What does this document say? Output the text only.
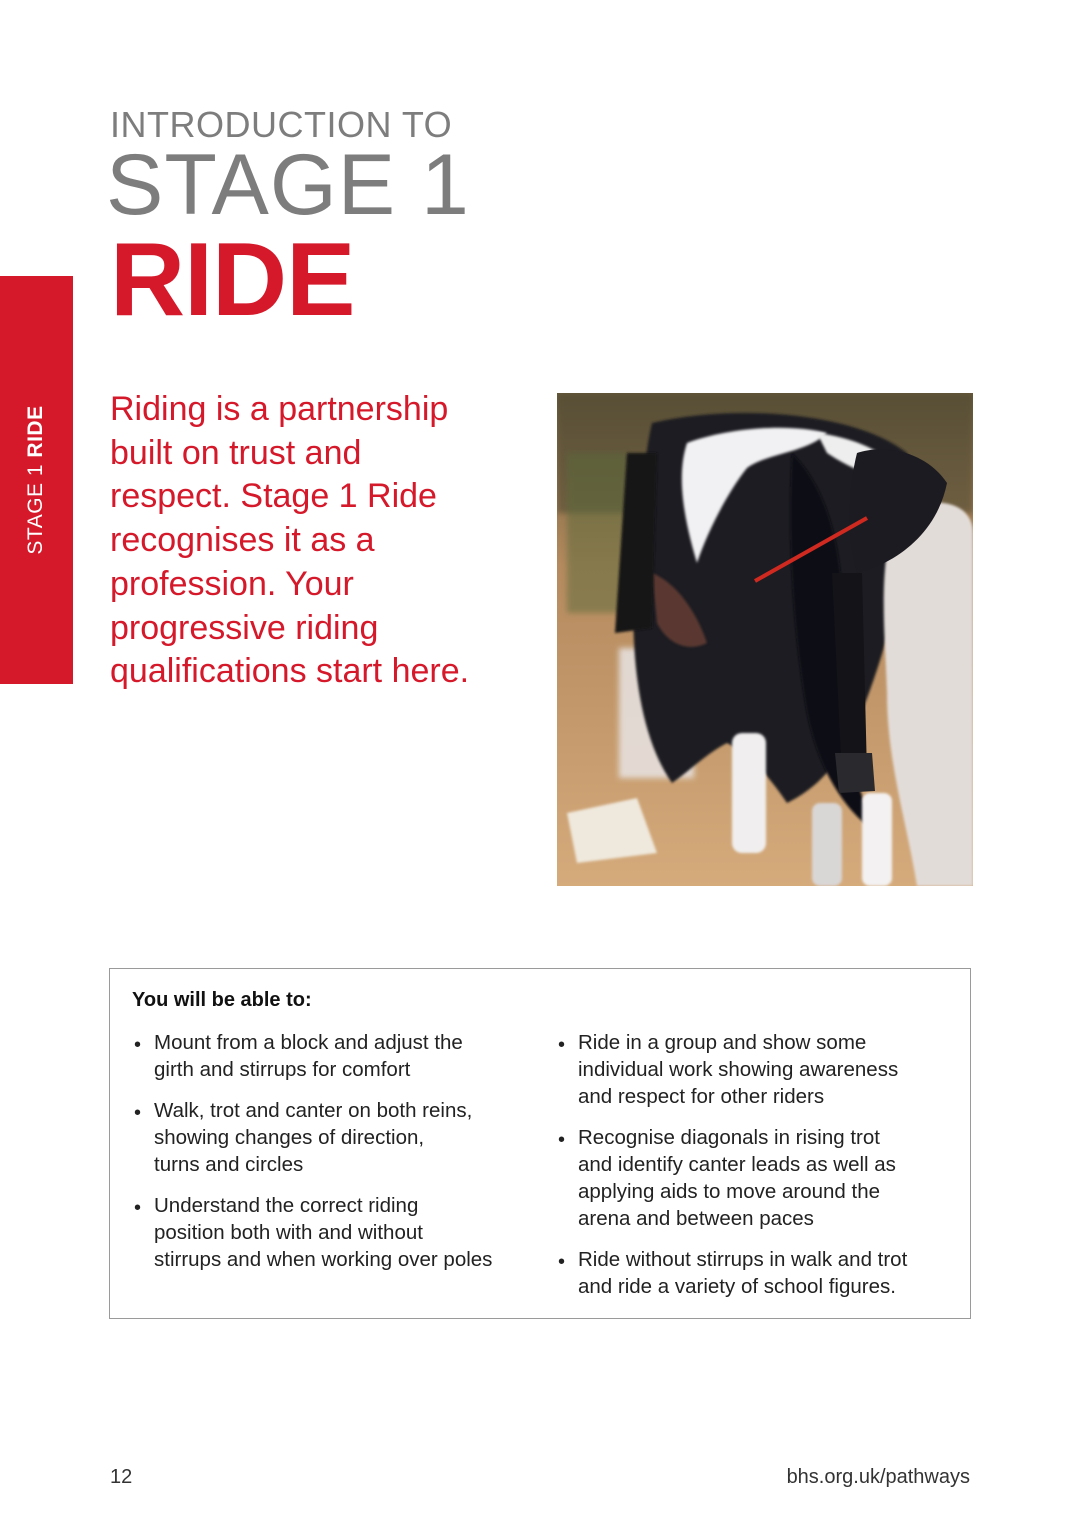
STAGE 1 RIDE
INTRODUCTION TO
STAGE 1
RIDE
Riding is a partnership
built on trust and
respect. Stage 1 Ride
recognises it as a
profession. Your
progressive riding
qualifications start here.
You will be able to:
• Mount from a block and adjust the
girth and stirrups for comfort
• Walk, trot and canter on both reins,
showing changes of direction,
turns and circles
• Understand the correct riding
position both with and without
stirrups and when working over poles
• Ride in a group and show some
individual work showing awareness
and respect for other riders
• Recognise diagonals in rising trot
and identify canter leads as well as
applying aids to move around the
arena and between paces
• Ride without stirrups in walk and trot
and ride a variety of school figures.
12	bhs.org.uk/pathways
